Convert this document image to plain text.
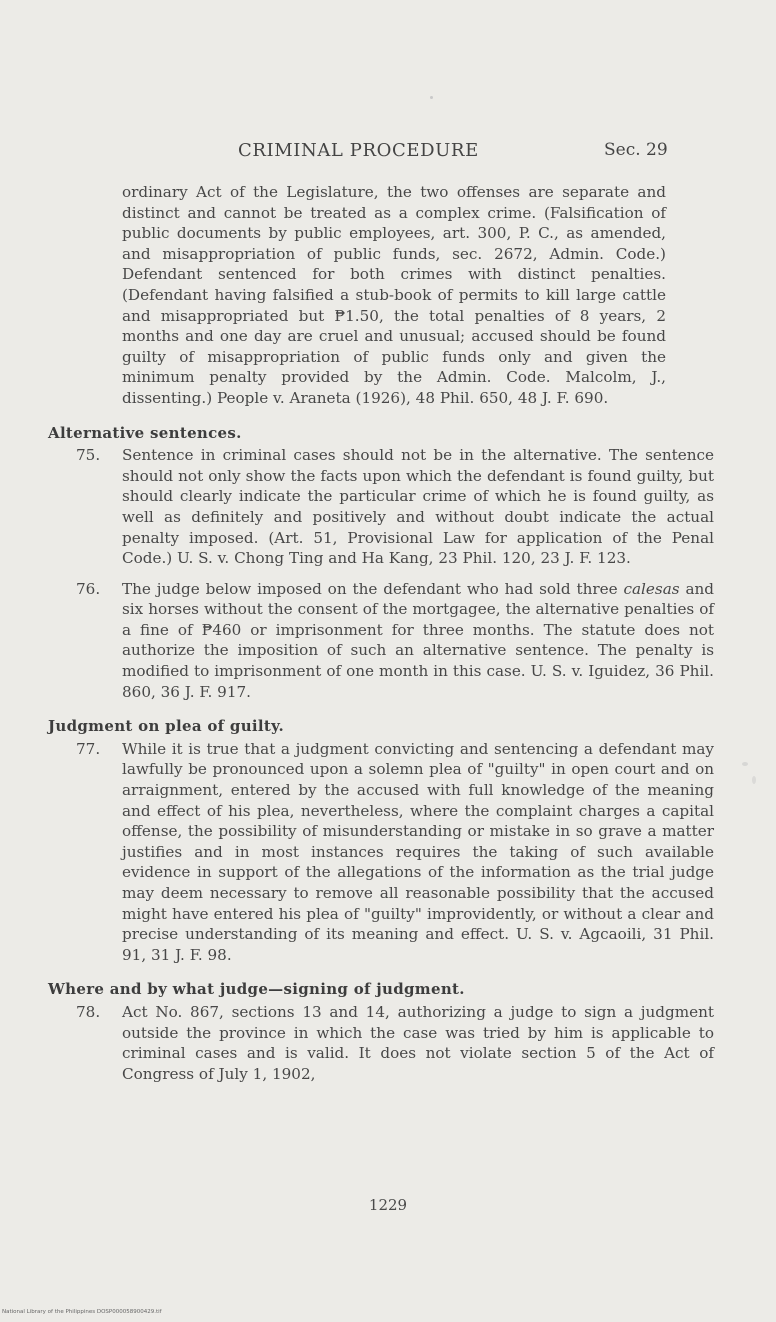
CRIMINAL PROCEDURE	Sec. 29

ordinary Act of the Legislature, the two offenses are separate and distinct and cannot be treated as a complex crime. (Falsification of public documents by public employees, art. 300, P. C., as amended, and misappropriation of public funds, sec. 2672, Admin. Code.) Defendant sentenced for both crimes with distinct penalties. (Defendant having falsified a stub-book of permits to kill large cattle and misappropriated but ₱1.50, the total penalties of 8 years, 2 months and one day are cruel and unusual; accused should be found guilty of misappropriation of public funds only and given the minimum penalty provided by the Admin. Code. Malcolm, J., dissenting.) People v. Araneta (1926), 48 Phil. 650, 48 J. F. 690.

Alternative sentences.

75. Sentence in criminal cases should not be in the alternative. The sentence should not only show the facts upon which the defendant is found guilty, but should clearly indicate the particular crime of which he is found guilty, as well as definitely and positively and without doubt indicate the actual penalty imposed. (Art. 51, Provisional Law for application of the Penal Code.) U. S. v. Chong Ting and Ha Kang, 23 Phil. 120, 23 J. F. 123.

76. The judge below imposed on the defendant who had sold three calesas and six horses without the consent of the mortgagee, the alternative penalties of a fine of ₱460 or imprisonment for three months. The statute does not authorize the imposition of such an alternative sentence. The penalty is modified to imprisonment of one month in this case. U. S. v. Iguidez, 36 Phil. 860, 36 J. F. 917.

Judgment on plea of guilty.

77. While it is true that a judgment convicting and sentencing a defendant may lawfully be pronounced upon a solemn plea of "guilty" in open court and on arraignment, entered by the accused with full knowledge of the meaning and effect of his plea, nevertheless, where the complaint charges a capital offense, the possibility of misunderstanding or mistake in so grave a matter justifies and in most instances requires the taking of such available evidence in support of the allegations of the information as the trial judge may deem necessary to remove all reasonable possibility that the accused might have entered his plea of "guilty" improvidently, or without a clear and precise understanding of its meaning and effect. U. S. v. Agcaoili, 31 Phil. 91, 31 J. F. 98.

Where and by what judge—signing of judgment.

78. Act No. 867, sections 13 and 14, authorizing a judge to sign a judgment outside the province in which the case was tried by him is applicable to criminal cases and is valid. It does not violate section 5 of the Act of Congress of July 1, 1902,

1229
National Library of the Philippines DOSP000058900429.tif
